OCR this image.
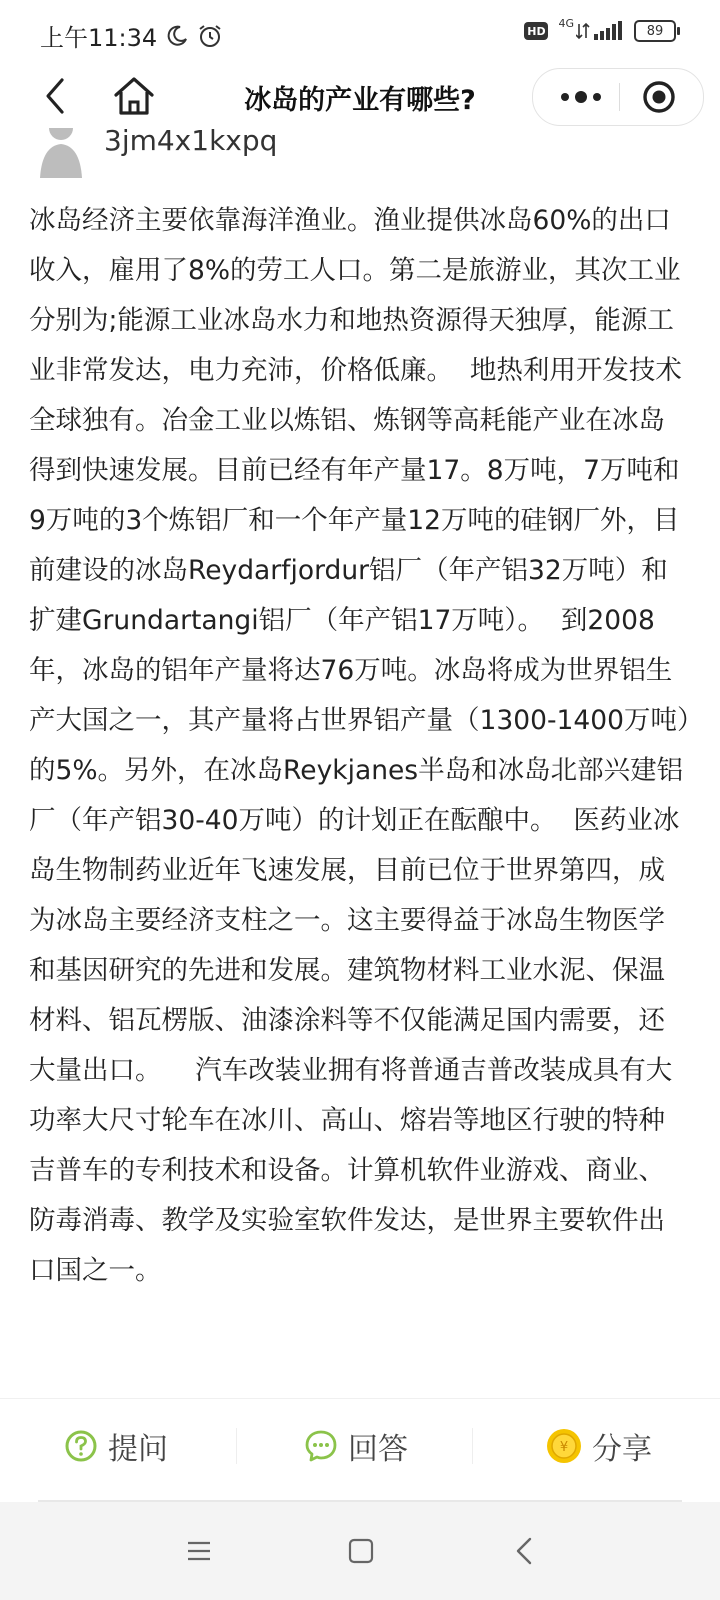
上午11:34	HD
4G
89
冰岛的产业有哪些?
3jm4x1kxpq
冰岛经济主要依靠海洋渔业。渔业提供冰岛60%的出口收入，雇用了8%的劳工人口。第二是旅游业，其次工业分别为;能源工业冰岛水力和地热资源得天独厚，能源工业非常发达，电力充沛，价格低廉。  地热利用开发技术全球独有。冶金工业以炼铝、炼钢等高耗能产业在冰岛得到快速发展。目前已经有年产量17。8万吨，7万吨和9万吨的3个炼铝厂和一个年产量12万吨的硅钢厂外，目前建设的冰岛Reydarfjordur铝厂（年产铝32万吨）和扩建Grundartangi铝厂（年产铝17万吨）。  到2008年，冰岛的铝年产量将达76万吨。冰岛将成为世界铝生产大国之一，其产量将占世界铝产量（1300-1400万吨）的5%。另外，在冰岛Reykjanes半岛和冰岛北部兴建铝厂（年产铝30-40万吨）的计划正在酝酿中。  医药业冰岛生物制药业近年飞速发展，目前已位于世界第四，成为冰岛主要经济支柱之一。这主要得益于冰岛生物医学和基因研究的先进和发展。建筑物材料工业水泥、保温材料、铝瓦楞版、油漆涂料等不仅能满足国内需要，还大量出口。    汽车改装业拥有将普通吉普改装成具有大功率大尺寸轮车在冰川、高山、熔岩等地区行驶的特种吉普车的专利技术和设备。计算机软件业游戏、商业、防毒消毒、教学及实验室软件发达，是世界主要软件出口国之一。
提问	回答	¥ 分享
